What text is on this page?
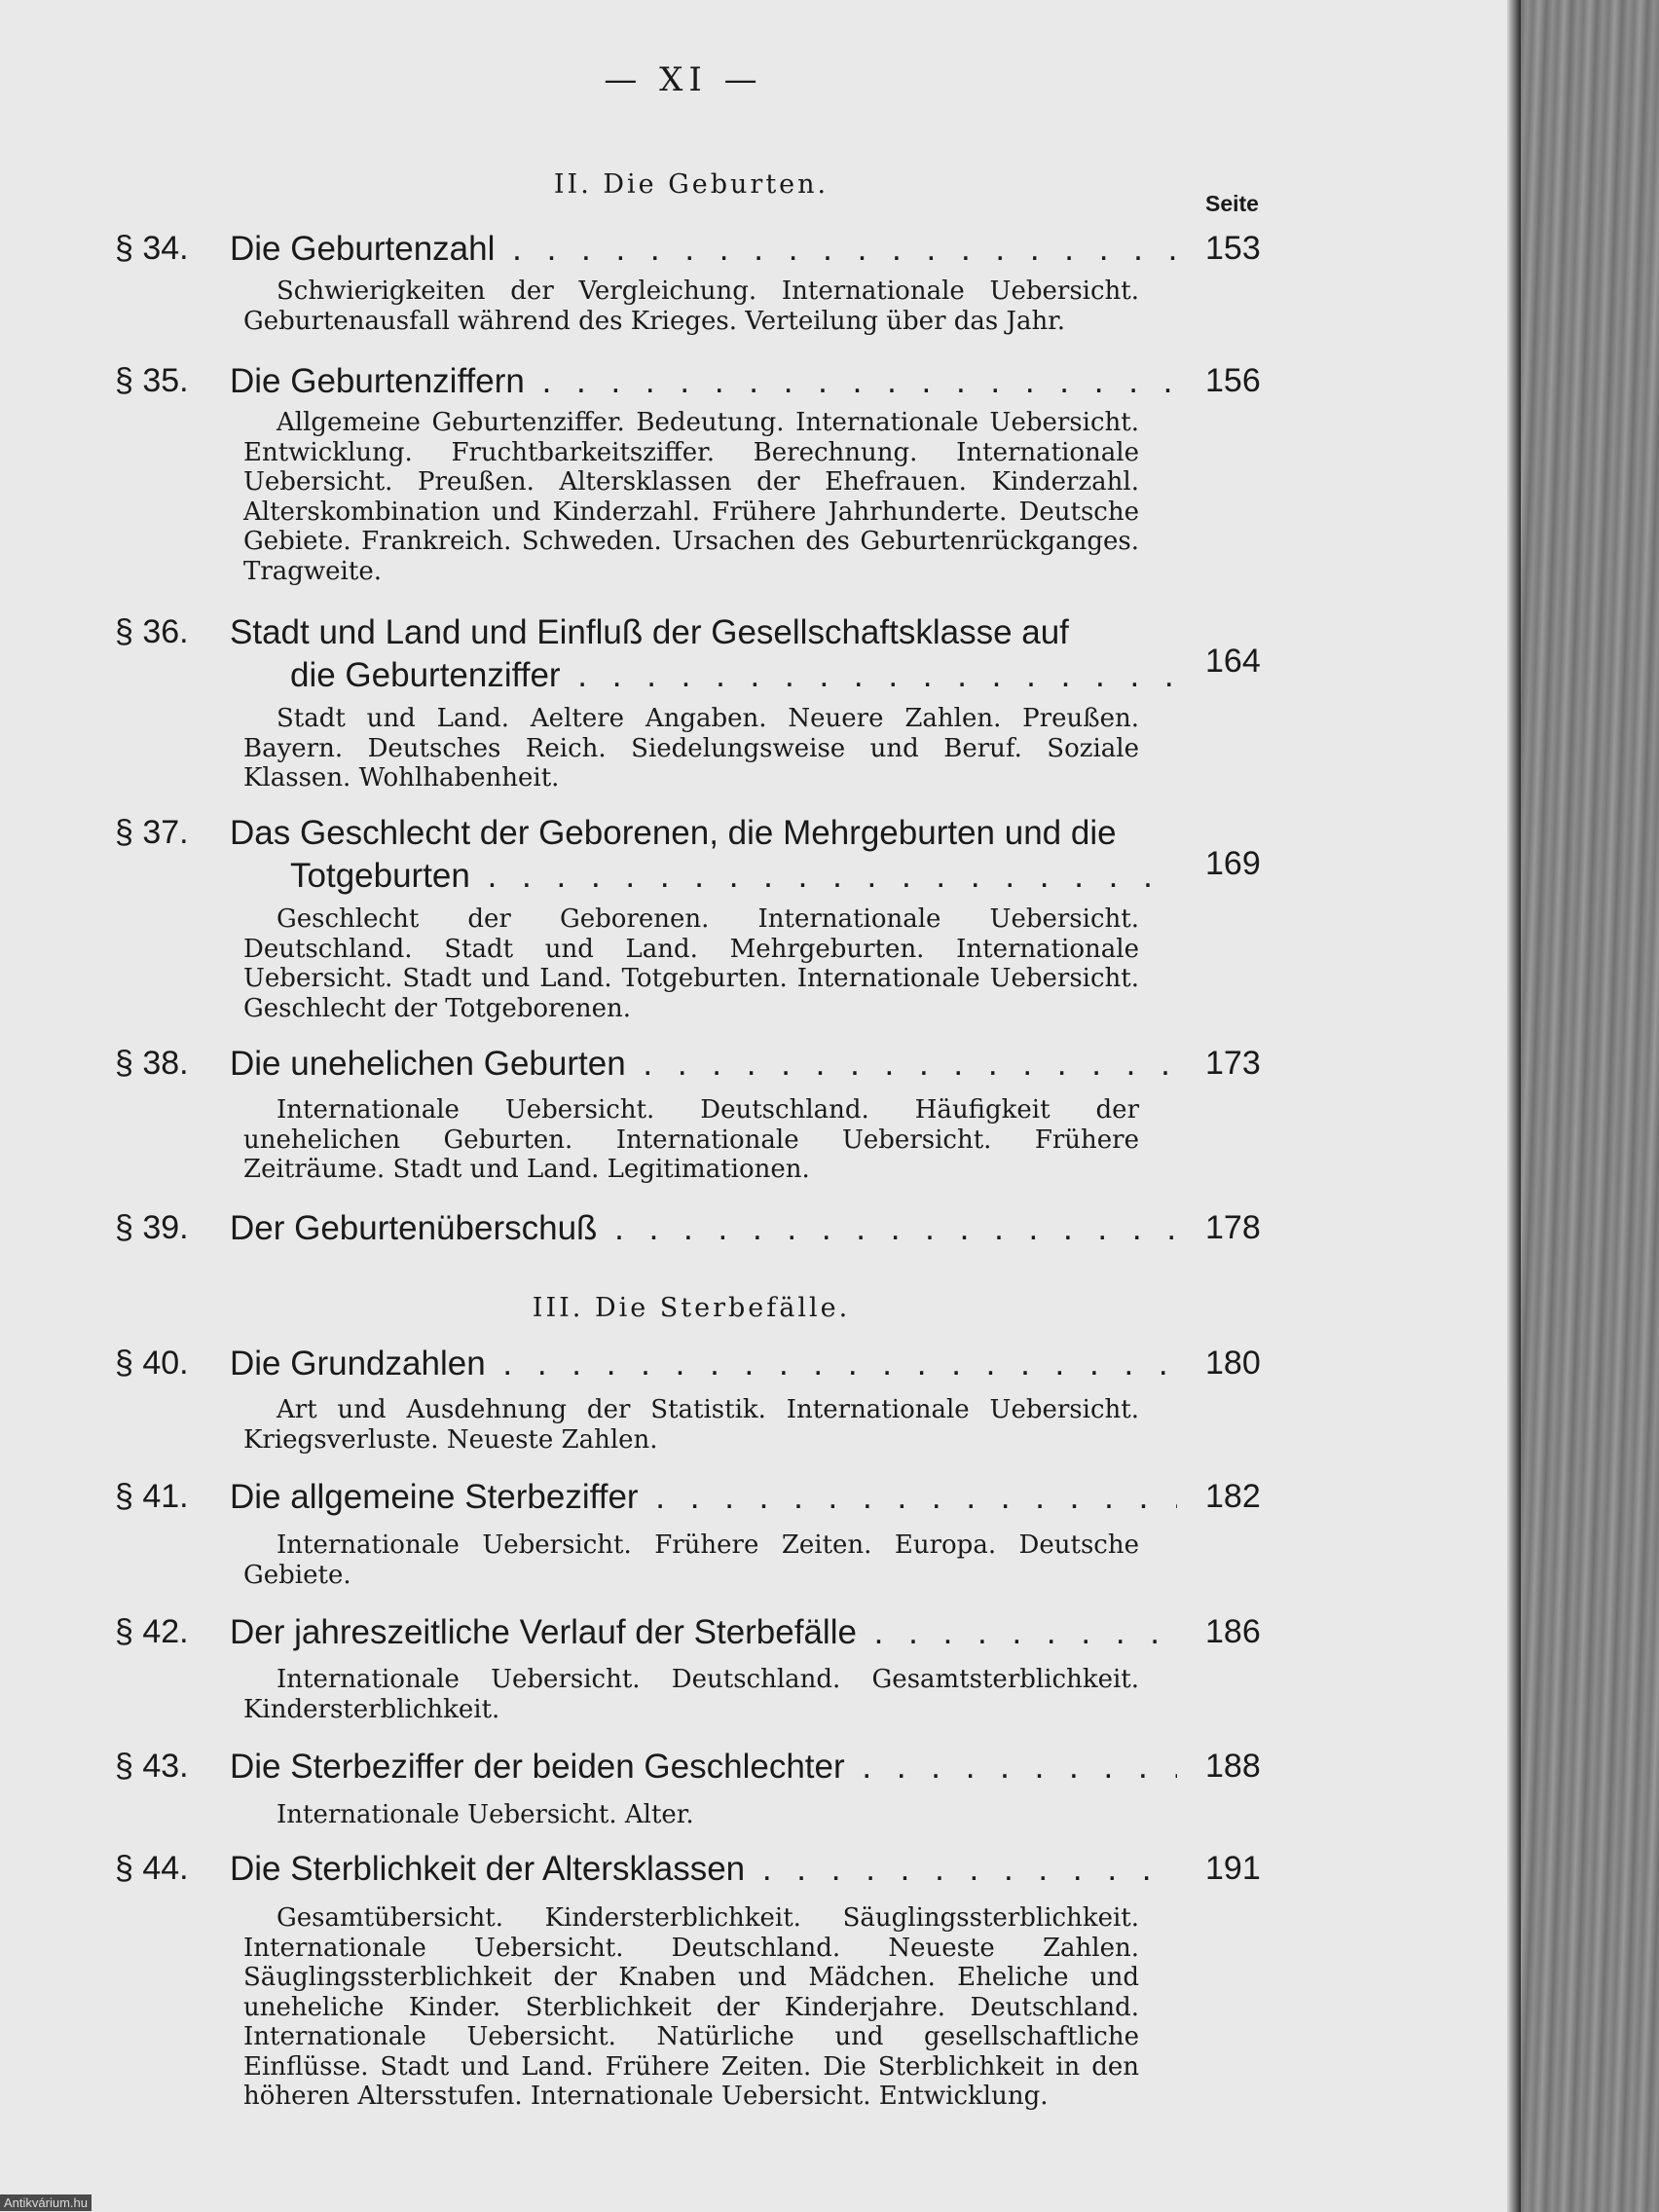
— XI —
II. Die Geburten.
Seite
§ 34. Die Geburtenzahl . . .	153
Schwierigkeiten der Vergleichung. Internationale Uebersicht. Geburtenausfall während des Krieges. Verteilung über das Jahr.
§ 35. Die Geburtenziffern . . .	156
Allgemeine Geburtenziffer. Bedeutung. Internationale Uebersicht. Entwicklung. Fruchtbarkeitsziffer. Berechnung. Internationale Uebersicht. Preußen. Altersklassen der Ehefrauen. Kinderzahl. Alterskombination und Kinderzahl. Frühere Jahrhunderte. Deutsche Gebiete. Frankreich. Schweden. Ursachen des Geburtenrückganges. Tragweite.
§ 36. Stadt und Land und Einfluß der Gesellschaftsklasse auf
die Geburtenziffer . . .	164
Stadt und Land. Aeltere Angaben. Neuere Zahlen. Preußen. Bayern. Deutsches Reich. Siedelungsweise und Beruf. Soziale Klassen. Wohlhabenheit.
§ 37. Das Geschlecht der Geborenen, die Mehrgeburten und die
Totgeburten . . .	169
Geschlecht der Geborenen. Internationale Uebersicht. Deutschland. Stadt und Land. Mehrgeburten. Internationale Uebersicht. Stadt und Land. Totgeburten. Internationale Uebersicht. Geschlecht der Totgeborenen.
§ 38. Die unehelichen Geburten . . .	173
Internationale Uebersicht. Deutschland. Häufigkeit der unehelichen Geburten. Internationale Uebersicht. Frühere Zeiträume. Stadt und Land. Legitimationen.
§ 39. Der Geburtenüberschuß . . .	178
III. Die Sterbefälle.
§ 40. Die Grundzahlen . . .	180
Art und Ausdehnung der Statistik. Internationale Uebersicht. Kriegsverluste. Neueste Zahlen.
§ 41. Die allgemeine Sterbeziffer . . .	182
Internationale Uebersicht. Frühere Zeiten. Europa. Deutsche Gebiete.
§ 42. Der jahreszeitliche Verlauf der Sterbefälle . . .	186
Internationale Uebersicht. Deutschland. Gesamtsterblichkeit. Kindersterblichkeit.
§ 43. Die Sterbeziffer der beiden Geschlechter . . .	188
Internationale Uebersicht. Alter.
§ 44. Die Sterblichkeit der Altersklassen . . .	191
Gesamtübersicht. Kindersterblichkeit. Säuglingssterblichkeit. Internationale Uebersicht. Deutschland. Neueste Zahlen. Säuglingssterblichkeit der Knaben und Mädchen. Eheliche und uneheliche Kinder. Sterblichkeit der Kinderjahre. Deutschland. Internationale Uebersicht. Natürliche und gesellschaftliche Einflüsse. Stadt und Land. Frühere Zeiten. Die Sterblichkeit in den höheren Altersstufen. Internationale Uebersicht. Entwicklung.
Antikvárium.hu
